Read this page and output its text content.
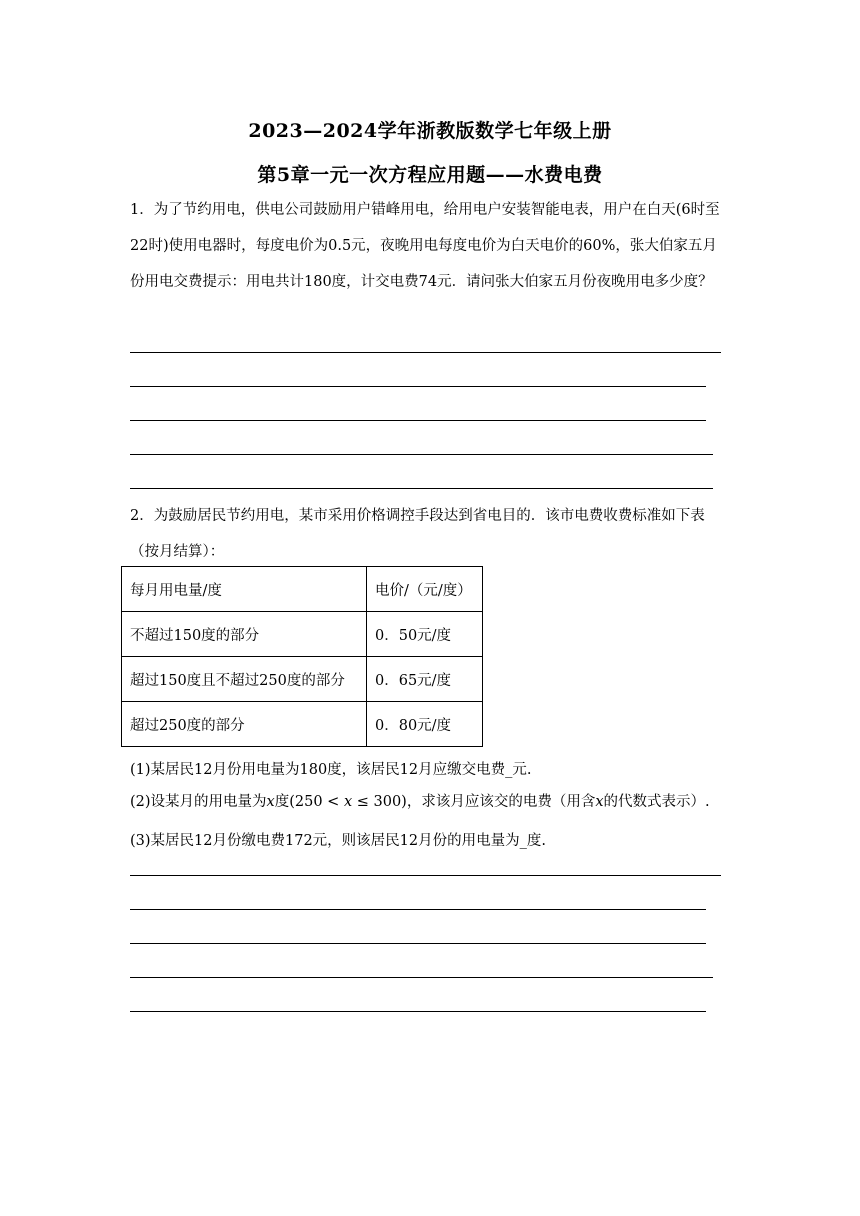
2023—2024学年浙教版数学七年级上册
第5章一元一次方程应用题——水费电费
1．为了节约用电，供电公司鼓励用户错峰用电，给用电户安装智能电表，用户在白天(6时至22时)使用电器时，每度电价为0.5元，夜晚用电每度电价为白天电价的60%，张大伯家五月份用电交费提示：用电共计180度，计交电费74元．请问张大伯家五月份夜晚用电多少度？
2．为鼓励居民节约用电，某市采用价格调控手段达到省电目的．该市电费收费标准如下表（按月结算）：
每月用电量/度	电价/（元/度）
不超过150度的部分	0．50元/度
超过150度且不超过250度的部分	0．65元/度
超过250度的部分	0．80元/度
(1)某居民12月份用电量为180度，该居民12月应缴交电费_元.
(2)设某月的用电量为x度(250 < x ≤ 300)，求该月应该交的电费（用含x的代数式表示）.
(3)某居民12月份缴电费172元，则该居民12月份的用电量为_度.
